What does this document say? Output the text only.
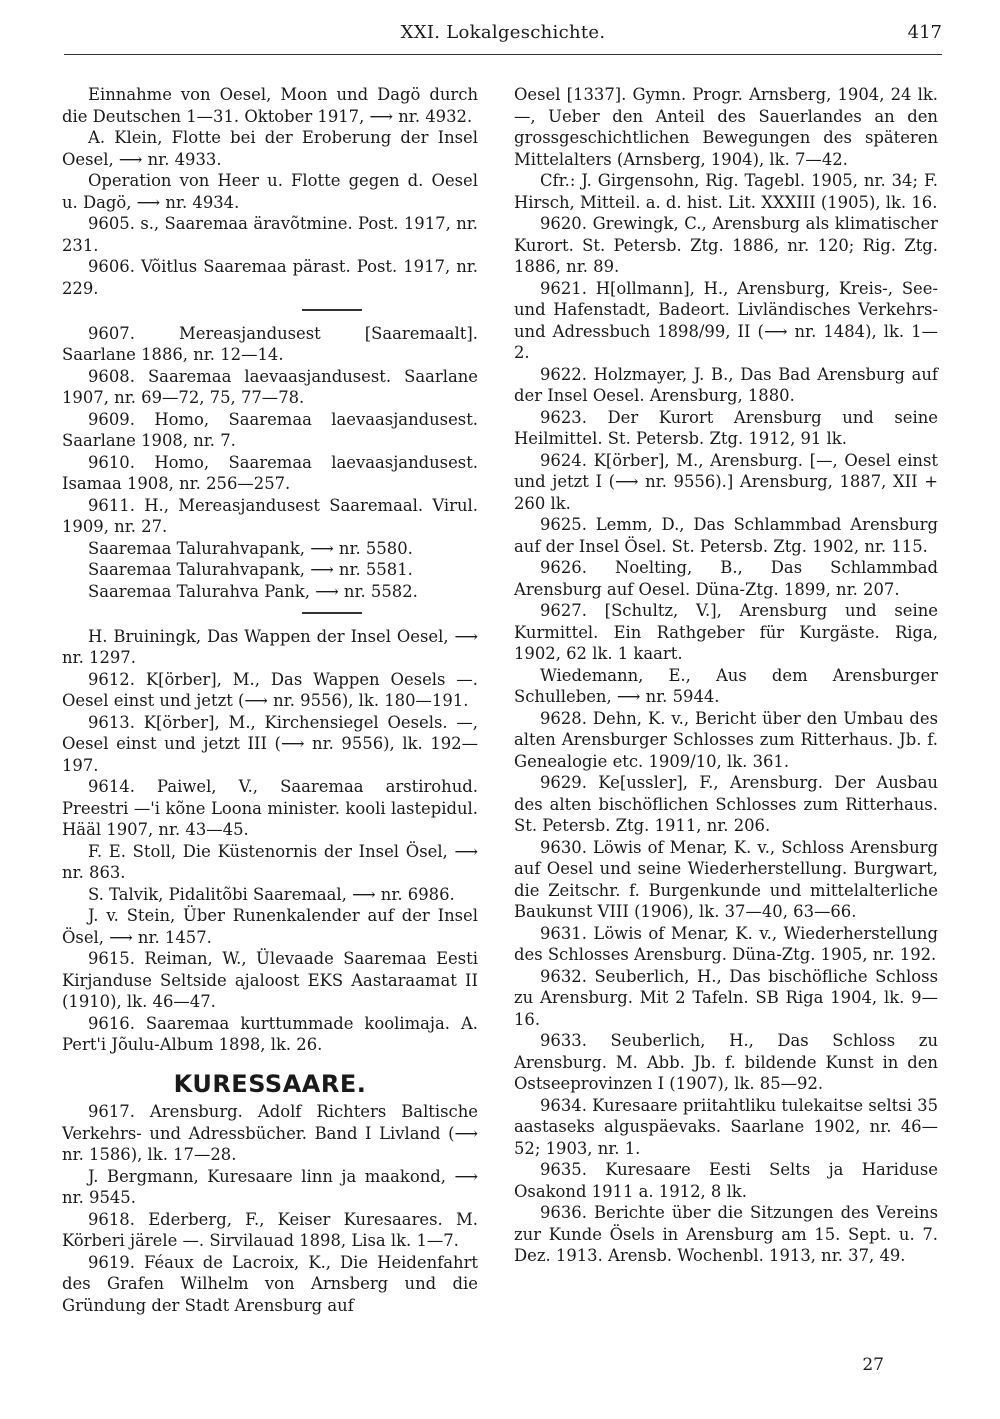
XXI. Lokalgeschichte.	417

Einnahme von Oesel, Moon und Dagö durch die Deutschen 1—31. Oktober 1917, ⟶ nr. 4932.

A. Klein, Flotte bei der Eroberung der Insel Oesel, ⟶ nr. 4933.

Operation von Heer u. Flotte gegen d. Oesel u. Dagö, ⟶ nr. 4934.

9605. s., Saaremaa äravõtmine. Post. 1917, nr. 231.

9606. Võitlus Saaremaa pärast. Post. 1917, nr. 229.

9607. Mereasjandusest [Saaremaalt]. Saarlane 1886, nr. 12—14.

9608. Saaremaa laevaasjandusest. Saarlane 1907, nr. 69—72, 75, 77—78.

9609. Homo, Saaremaa laevaasjandusest. Saarlane 1908, nr. 7.

9610. Homo, Saaremaa laevaasjandusest. Isamaa 1908, nr. 256—257.

9611. H., Mereasjandusest Saaremaal. Virul. 1909, nr. 27.

Saaremaa Talurahvapank, ⟶ nr. 5580.

Saaremaa Talurahvapank, ⟶ nr. 5581.

Saaremaa Talurahva Pank, ⟶ nr. 5582.

H. Bruiningk, Das Wappen der Insel Oesel, ⟶ nr. 1297.

9612. K[örber], M., Das Wappen Oesels —. Oesel einst und jetzt (⟶ nr. 9556), lk. 180—191.

9613. K[örber], M., Kirchensiegel Oesels. —, Oesel einst und jetzt III (⟶ nr. 9556), lk. 192—197.

9614. Paiwel, V., Saaremaa arstirohud. Preestri —'i kõne Loona minister. kooli lastepidul. Hääl 1907, nr. 43—45.

F. E. Stoll, Die Küstenornis der Insel Ösel, ⟶ nr. 863.

S. Talvik, Pidalitõbi Saaremaal, ⟶ nr. 6986.

J. v. Stein, Über Runenkalender auf der Insel Ösel, ⟶ nr. 1457.

9615. Reiman, W., Ülevaade Saaremaa Eesti Kirjanduse Seltside ajaloost EKS Aastaraamat II (1910), lk. 46—47.

9616. Saaremaa kurttummade koolimaja. A. Pert'i Jõulu-Album 1898, lk. 26.

KURESSAARE.

9617. Arensburg. Adolf Richters Baltische Verkehrs- und Adressbücher. Band I Livland (⟶ nr. 1586), lk. 17—28.

J. Bergmann, Kuresaare linn ja maakond, ⟶ nr. 9545.

9618. Ederberg, F., Keiser Kuresaares. M. Körberi järele —. Sirvilauad 1898, Lisa lk. 1—7.

9619. Féaux de Lacroix, K., Die Heidenfahrt des Grafen Wilhelm von Arnsberg und die Gründung der Stadt Arensburg auf

Oesel [1337]. Gymn. Progr. Arnsberg, 1904, 24 lk. —, Ueber den Anteil des Sauerlandes an den grossgeschichtlichen Bewegungen des späteren Mittelalters (Arnsberg, 1904), lk. 7—42.

Cfr.: J. Girgensohn, Rig. Tagebl. 1905, nr. 34; F. Hirsch, Mitteil. a. d. hist. Lit. XXXIII (1905), lk. 16.

9620. Grewingk, C., Arensburg als klimatischer Kurort. St. Petersb. Ztg. 1886, nr. 120; Rig. Ztg. 1886, nr. 89.

9621. H[ollmann], H., Arensburg, Kreis-, See- und Hafenstadt, Badeort. Livländisches Verkehrs- und Adressbuch 1898/99, II (⟶ nr. 1484), lk. 1—2.

9622. Holzmayer, J. B., Das Bad Arensburg auf der Insel Oesel. Arensburg, 1880.

9623. Der Kurort Arensburg und seine Heilmittel. St. Petersb. Ztg. 1912, 91 lk.

9624. K[örber], M., Arensburg. [—, Oesel einst und jetzt I (⟶ nr. 9556).] Arensburg, 1887, XII + 260 lk.

9625. Lemm, D., Das Schlammbad Arensburg auf der Insel Ösel. St. Petersb. Ztg. 1902, nr. 115.

9626. Noelting, B., Das Schlammbad Arensburg auf Oesel. Düna-Ztg. 1899, nr. 207.

9627. [Schultz, V.], Arensburg und seine Kurmittel. Ein Rathgeber für Kurgäste. Riga, 1902, 62 lk. 1 kaart.

Wiedemann, E., Aus dem Arensburger Schulleben, ⟶ nr. 5944.

9628. Dehn, K. v., Bericht über den Umbau des alten Arensburger Schlosses zum Ritterhaus. Jb. f. Genealogie etc. 1909/10, lk. 361.

9629. Ke[ussler], F., Arensburg. Der Ausbau des alten bischöflichen Schlosses zum Ritterhaus. St. Petersb. Ztg. 1911, nr. 206.

9630. Löwis of Menar, K. v., Schloss Arensburg auf Oesel und seine Wiederherstellung. Burgwart, die Zeitschr. f. Burgenkunde und mittelalterliche Baukunst VIII (1906), lk. 37—40, 63—66.

9631. Löwis of Menar, K. v., Wiederherstellung des Schlosses Arensburg. Düna-Ztg. 1905, nr. 192.

9632. Seuberlich, H., Das bischöfliche Schloss zu Arensburg. Mit 2 Tafeln. SB Riga 1904, lk. 9—16.

9633. Seuberlich, H., Das Schloss zu Arensburg. M. Abb. Jb. f. bildende Kunst in den Ostseeprovinzen I (1907), lk. 85—92.

9634. Kuresaare priitahtliku tulekaitse seltsi 35 aastaseks alguspäevaks. Saarlane 1902, nr. 46—52; 1903, nr. 1.

9635. Kuresaare Eesti Selts ja Hariduse Osakond 1911 a. 1912, 8 lk.

9636. Berichte über die Sitzungen des Vereins zur Kunde Ösels in Arensburg am 15. Sept. u. 7. Dez. 1913. Arensb. Wochenbl. 1913, nr. 37, 49.

27
